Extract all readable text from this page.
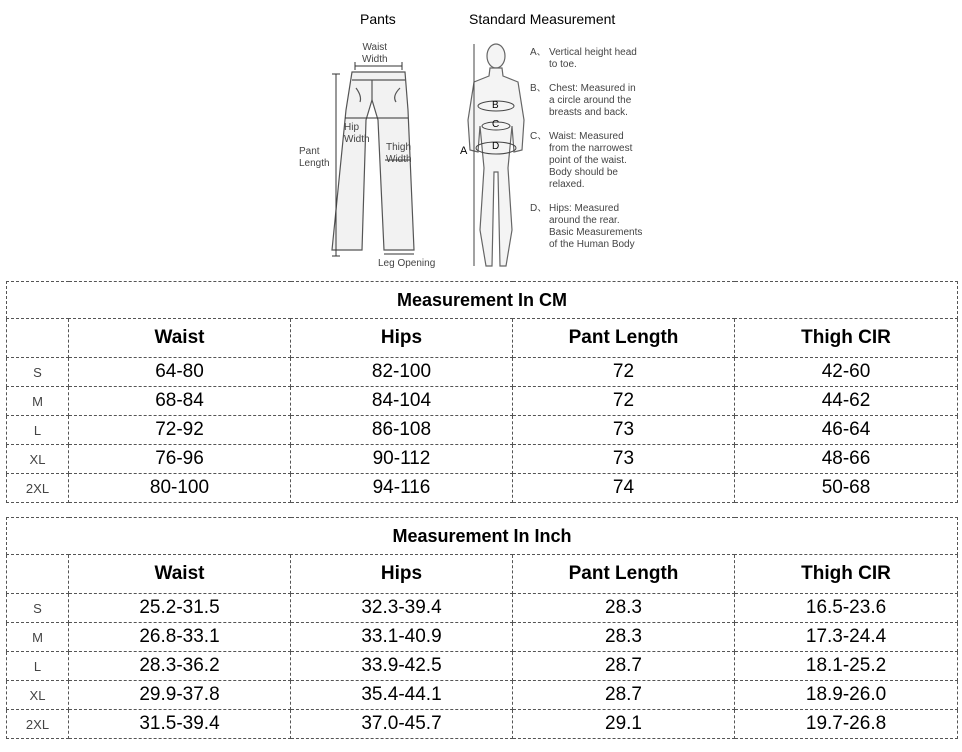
Pants	Standard Measurement
Waist
Width
Hip
Width
Thigh
Width
Pant
Length
Leg Opening
A
B
C
D
A、 Vertical height head
to toe.
B、 Chest: Measured in
a circle around the
breasts and back.
C、 Waist: Measured
from the narrowest
point of the waist.
Body should be
relaxed.
D、 Hips: Measured
around the rear.
Basic Measurements
of the Human Body
Measurement In CM				
	Waist	Hips	Pant Length	Thigh CIR
S	64-80	82-100	72	42-60
M	68-84	84-104	72	44-62
L	72-92	86-108	73	46-64
XL	76-96	90-112	73	48-66
2XL	80-100	94-116	74	50-68
Measurement In Inch				
	Waist	Hips	Pant Length	Thigh CIR
S	25.2-31.5	32.3-39.4	28.3	16.5-23.6
M	26.8-33.1	33.1-40.9	28.3	17.3-24.4
L	28.3-36.2	33.9-42.5	28.7	18.1-25.2
XL	29.9-37.8	35.4-44.1	28.7	18.9-26.0
2XL	31.5-39.4	37.0-45.7	29.1	19.7-26.8
